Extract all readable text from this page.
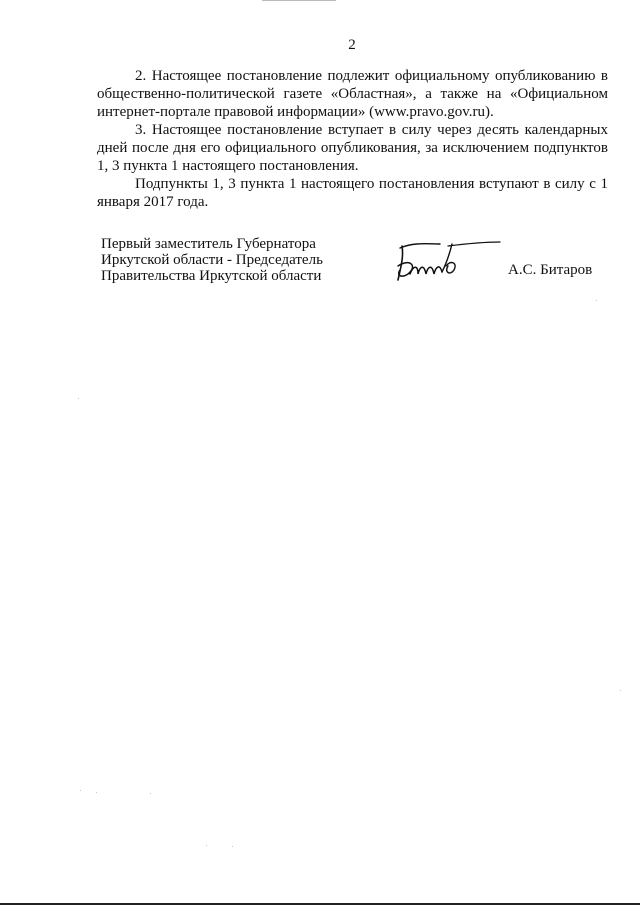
2

2. Настоящее постановление подлежит официальному опубликованию в общественно-политической газете «Областная», а также на «Официальном интернет-портале правовой информации» (www.pravo.gov.ru).

3. Настоящее постановление вступает в силу через десять календарных дней после дня его официального опубликования, за исключением подпунктов 1, 3 пункта 1 настоящего постановления.

Подпункты 1, 3 пункта 1 настоящего постановления вступают в силу с 1 января 2017 года.

Первый заместитель Губернатора
Иркутской области - Председатель
Правительства Иркутской области	А.С. Битаров
